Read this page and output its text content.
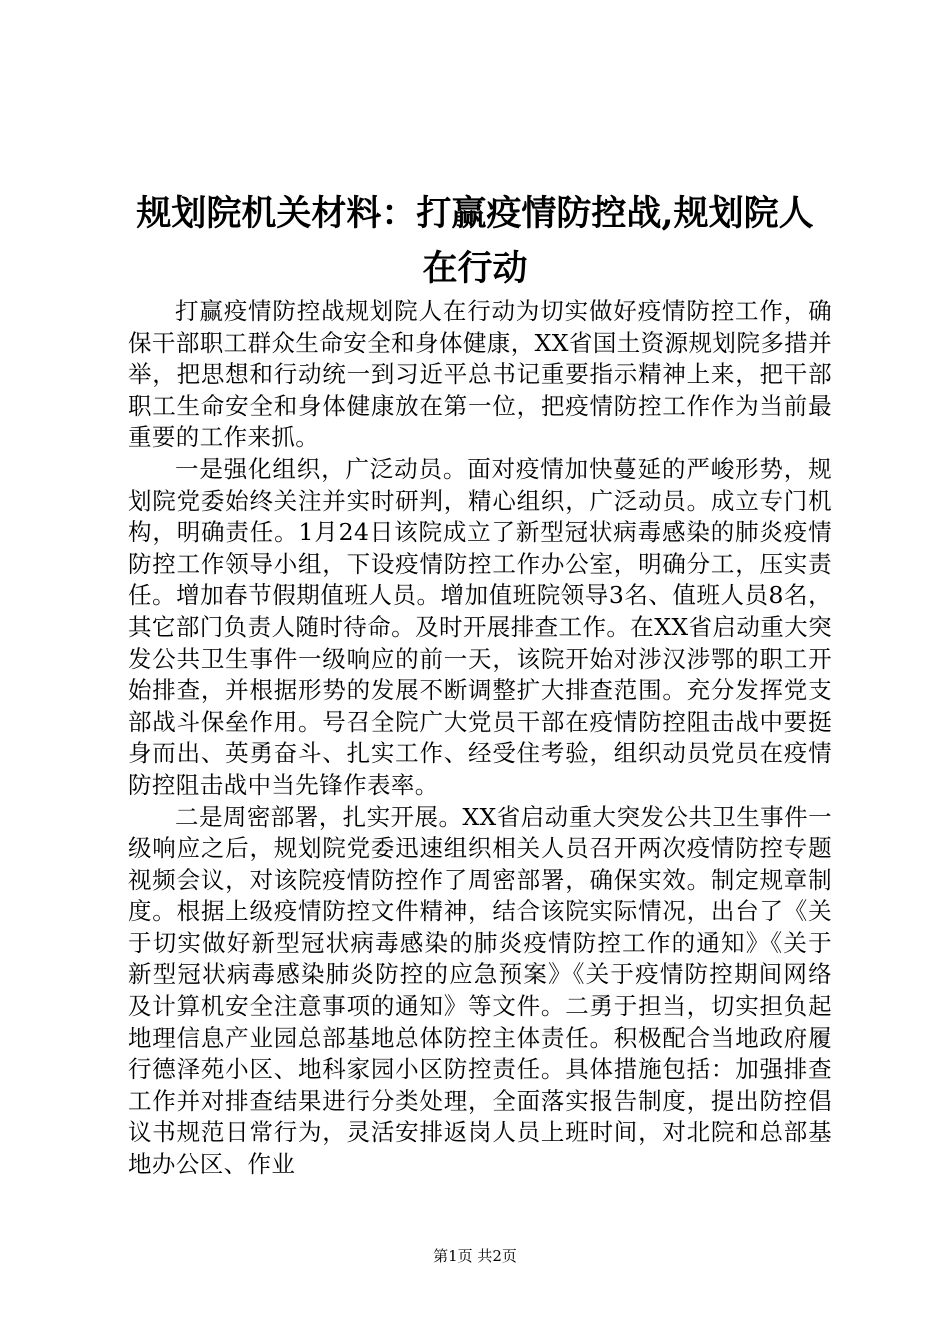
规划院机关材料：打赢疫情防控战,规划院人在行动

打赢疫情防控战规划院人在行动为切实做好疫情防控工作，确保干部职工群众生命安全和身体健康，XX省国土资源规划院多措并举，把思想和行动统一到习近平总书记重要指示精神上来，把干部职工生命安全和身体健康放在第一位，把疫情防控工作作为当前最重要的工作来抓。

一是强化组织，广泛动员。面对疫情加快蔓延的严峻形势，规划院党委始终关注并实时研判，精心组织，广泛动员。成立专门机构，明确责任。1月24日该院成立了新型冠状病毒感染的肺炎疫情防控工作领导小组，下设疫情防控工作办公室，明确分工，压实责任。增加春节假期值班人员。增加值班院领导3名、值班人员8名，其它部门负责人随时待命。及时开展排查工作。在XX省启动重大突发公共卫生事件一级响应的前一天，该院开始对涉汉涉鄂的职工开始排查，并根据形势的发展不断调整扩大排查范围。充分发挥党支部战斗保垒作用。号召全院广大党员干部在疫情防控阻击战中要挺身而出、英勇奋斗、扎实工作、经受住考验，组织动员党员在疫情防控阻击战中当先锋作表率。

二是周密部署，扎实开展。XX省启动重大突发公共卫生事件一级响应之后，规划院党委迅速组织相关人员召开两次疫情防控专题视频会议，对该院疫情防控作了周密部署，确保实效。制定规章制度。根据上级疫情防控文件精神，结合该院实际情况，出台了《关于切实做好新型冠状病毒感染的肺炎疫情防控工作的通知》《关于新型冠状病毒感染肺炎防控的应急预案》《关于疫情防控期间网络及计算机安全注意事项的通知》等文件。二勇于担当，切实担负起地理信息产业园总部基地总体防控主体责任。积极配合当地政府履行德泽苑小区、地科家园小区防控责任。具体措施包括：加强排查工作并对排查结果进行分类处理，全面落实报告制度，提出防控倡议书规范日常行为，灵活安排返岗人员上班时间，对北院和总部基地办公区、作业

第1页 共2页
